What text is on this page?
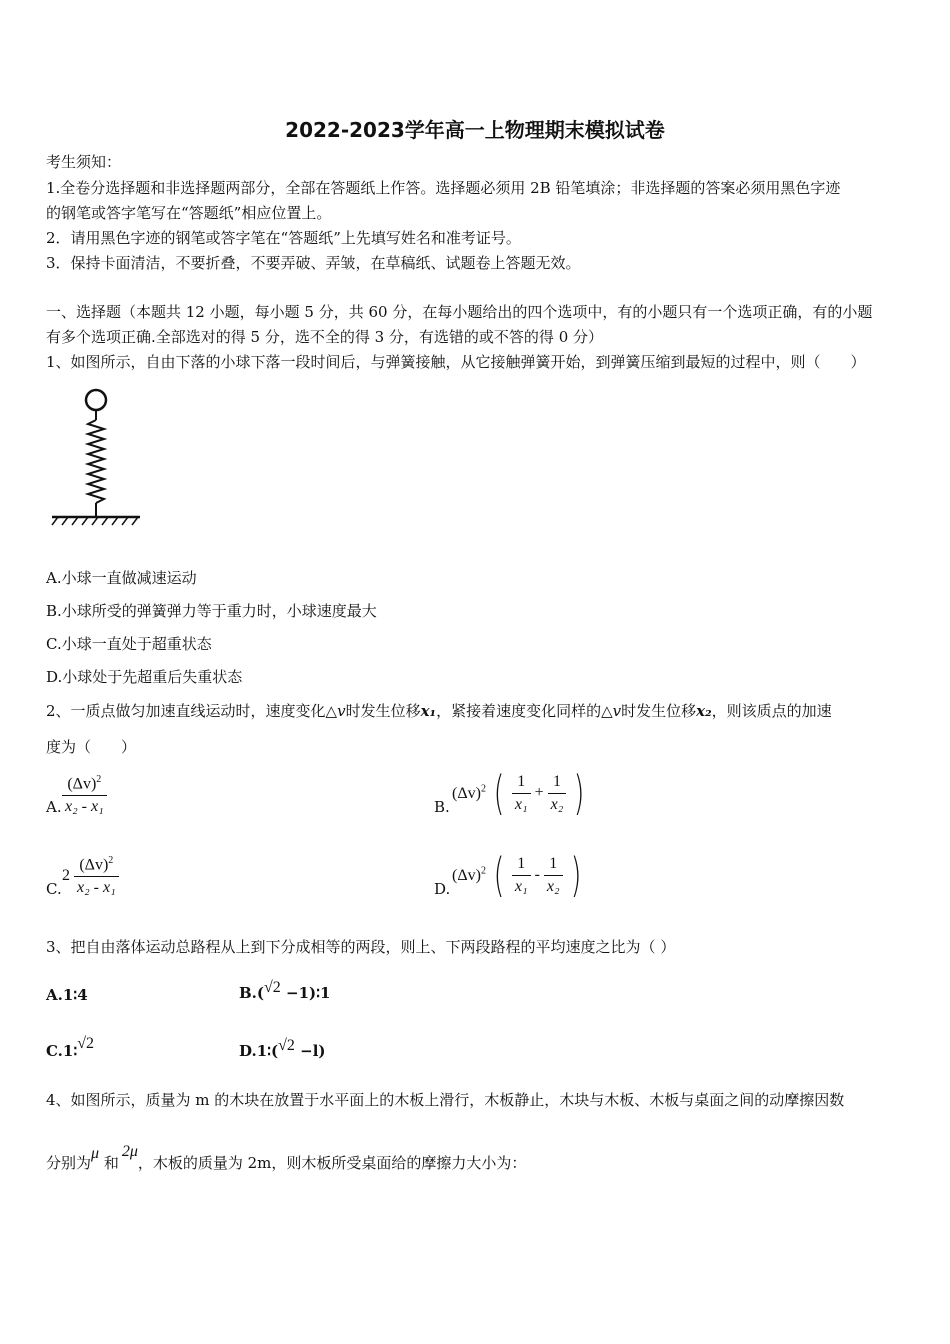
2022-2023学年高一上物理期末模拟试卷
考生须知：
1.全卷分选择题和非选择题两部分，全部在答题纸上作答。选择题必须用 2B 铅笔填涂；非选择题的答案必须用黑色字迹
的钢笔或答字笔写在“答题纸”相应位置上。
2．请用黑色字迹的钢笔或答字笔在“答题纸”上先填写姓名和准考证号。
3．保持卡面清洁，不要折叠，不要弄破、弄皱，在草稿纸、试题卷上答题无效。
一、选择题（本题共 12 小题，每小题 5 分，共 60 分，在每小题给出的四个选项中，有的小题只有一个选项正确，有的小题
有多个选项正确.全部选对的得 5 分，选不全的得 3 分，有选错的或不答的得 0 分）
1、如图所示，自由下落的小球下落一段时间后，与弹簧接触，从它接触弹簧开始，到弹簧压缩到最短的过程中，则（　　）
A.小球一直做减速运动
B.小球所受的弹簧弹力等于重力时，小球速度最大
C.小球一直处于超重状态
D.小球处于先超重后失重状态
2、一质点做匀加速直线运动时，速度变化△v时发生位移x₁，紧接着速度变化同样的△v时发生位移x₂，则该质点的加速
度为（　　）
A. $\frac{(\Delta v)^2}{\text{x₂ - x₁}}$	B.
$(\Delta v)^2$ ( $\frac{1}{\text{x₁}} + \frac{1}{\text{x₂}}$ )
C.
$2 \frac{(\Delta v)^2}{\text{x₂ - x₁}}$	D.
$(\Delta v)^2$ ( $\frac{1}{\text{x₁}} - \frac{1}{\text{x₂}}$ )
3、把自由落体运动总路程从上到下分成相等的两段，则上、下两段路程的平均速度之比为（ ）
A.1∶4	B.(√2 −1)∶1
C.1∶√2	D.1∶(√2 −l)
4、如图所示，质量为 m 的木块在放置于水平面上的木板上滑行，木板静止，木块与木板、木板与桌面之间的动摩擦因数
分别为μ 和2μ，木板的质量为 2m，则木板所受桌面给的摩擦力大小为：
